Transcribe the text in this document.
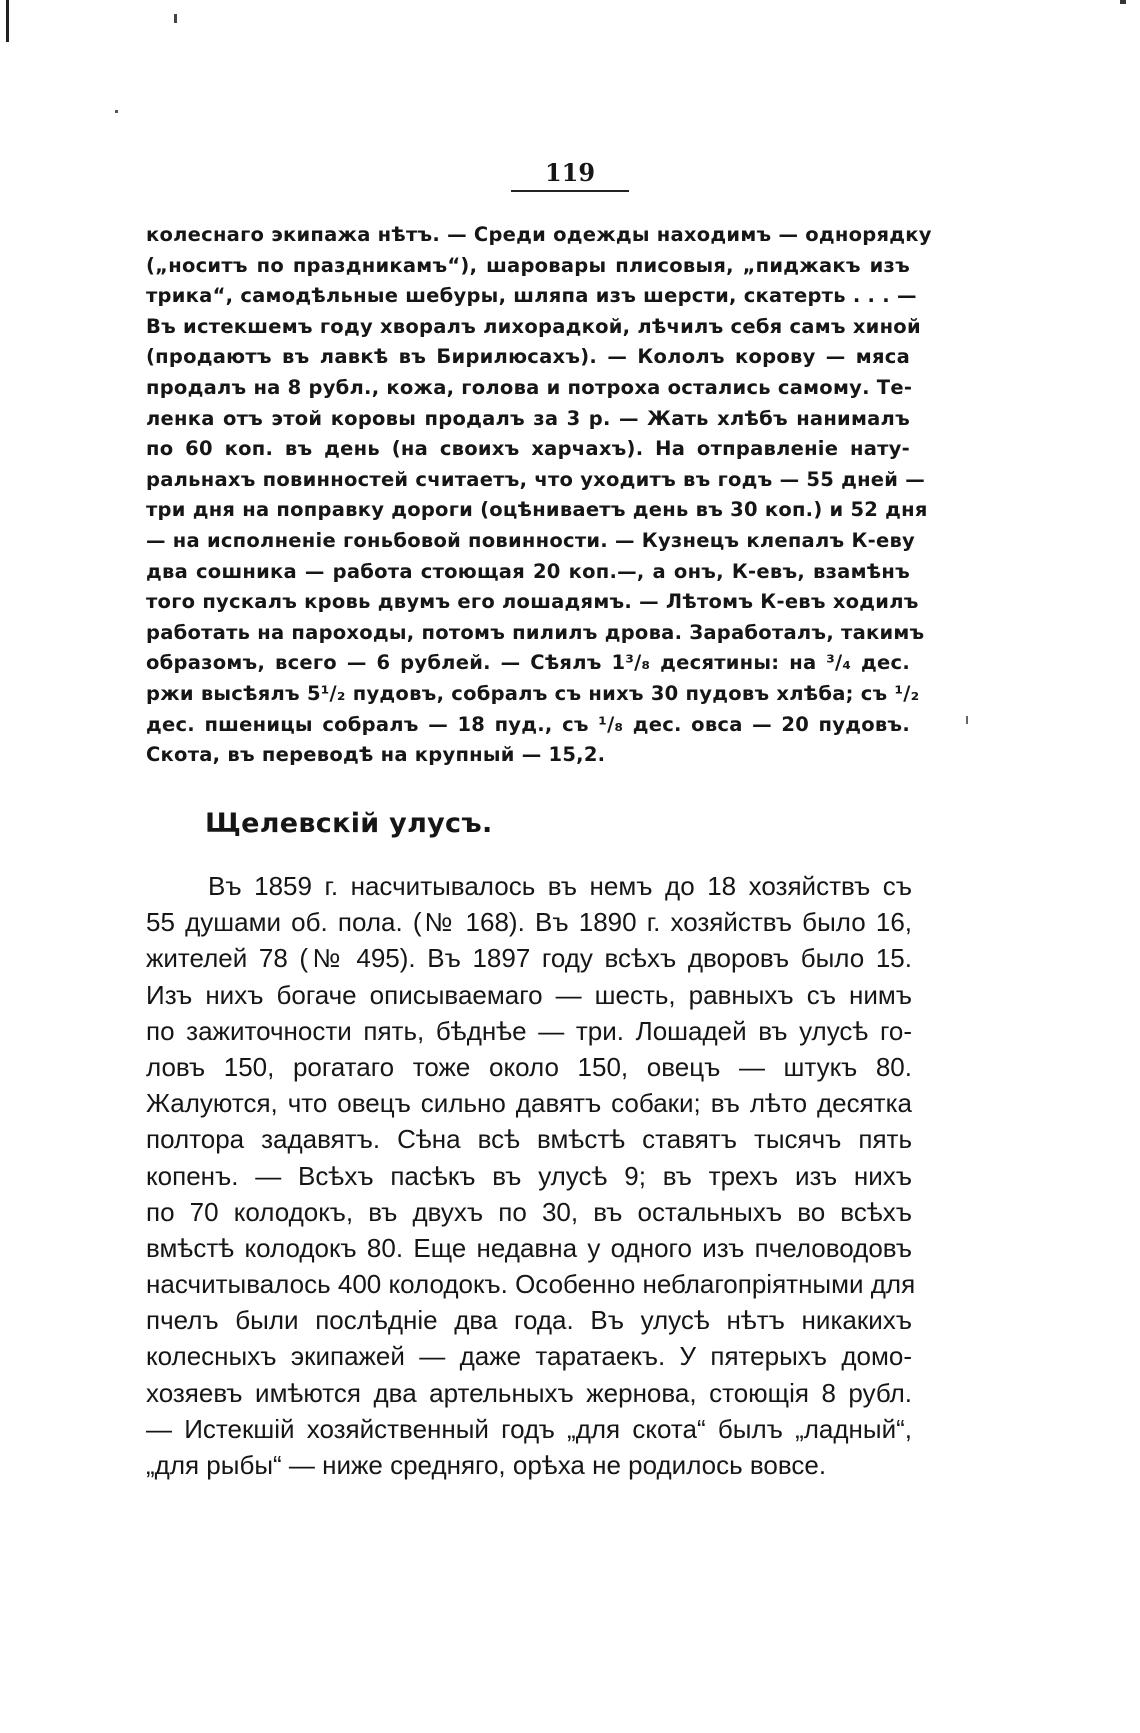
119
колеснаго экипажа нѣтъ. — Среди одежды находимъ — однорядку
(„носитъ по праздникамъ“), шаровары плисовыя, „пиджакъ изъ
трика“, самодѣльные шебуры, шляпа изъ шерсти, скатерть . . . —
Въ истекшемъ году хворалъ лихорадкой, лѣчилъ себя самъ хиной
(продаютъ въ лавкѣ въ Бирилюсахъ). — Кололъ корову — мяса
продалъ на 8 рубл., кожа, голова и потроха остались самому. Те-
ленка отъ этой коровы продалъ за 3 р. — Жать хлѣбъ нанималъ
по 60 коп. въ день (на своихъ харчахъ). На отправленіе нату-
ральнахъ повинностей считаетъ, что уходитъ въ годъ — 55 дней —
три дня на поправку дороги (оцѣниваетъ день въ 30 коп.) и 52 дня
— на исполненіе гоньбовой повинности. — Кузнецъ клепалъ К-еву
два сошника — работа стоющая 20 коп.—, а онъ, К-евъ, взамѣнъ
того пускалъ кровь двумъ его лошадямъ. — Лѣтомъ К-евъ ходилъ
работать на пароходы, потомъ пилилъ дрова. Заработалъ, такимъ
образомъ, всего — 6 рублей. — Сѣялъ 1³/₈ десятины: на ³/₄ дес.
ржи высѣялъ 5¹/₂ пудовъ, собралъ съ нихъ 30 пудовъ хлѣба; съ ¹/₂
дес. пшеницы собралъ — 18 пуд., съ ¹/₈ дес. овса — 20 пудовъ.
Скота, въ переводѣ на крупный — 15,2.
Щелевскій улусъ.
Въ 1859 г. насчитывалось въ немъ до 18 хозяйствъ съ
55 душами об. пола. (№ 168). Въ 1890 г. хозяйствъ было 16,
жителей 78 (№ 495). Въ 1897 году всѣхъ дворовъ было 15.
Изъ нихъ богаче описываемаго — шесть, равныхъ съ нимъ
по зажиточности пять, бѣднѣе — три. Лошадей въ улусѣ го-
ловъ 150, рогатаго тоже около 150, овецъ — штукъ 80.
Жалуются, что овецъ сильно давятъ собаки; въ лѣто десятка
полтора задавятъ. Сѣна всѣ вмѣстѣ ставятъ тысячъ пять
копенъ. — Всѣхъ пасѣкъ въ улусѣ 9; въ трехъ изъ нихъ
по 70 колодокъ, въ двухъ по 30, въ остальныхъ во всѣхъ
вмѣстѣ колодокъ 80. Еще недавна у одного изъ пчеловодовъ
насчитывалось 400 колодокъ. Особенно неблагопріятными для
пчелъ были послѣдніе два года. Въ улусѣ нѣтъ никакихъ
колесныхъ экипажей — даже таратаекъ. У пятерыхъ домо-
хозяевъ имѣются два артельныхъ жернова, стоющія 8 рубл.
— Истекшій хозяйственный годъ „для скота“ былъ „ладный“,
„для рыбы“ — ниже средняго, орѣха не родилось вовсе.
